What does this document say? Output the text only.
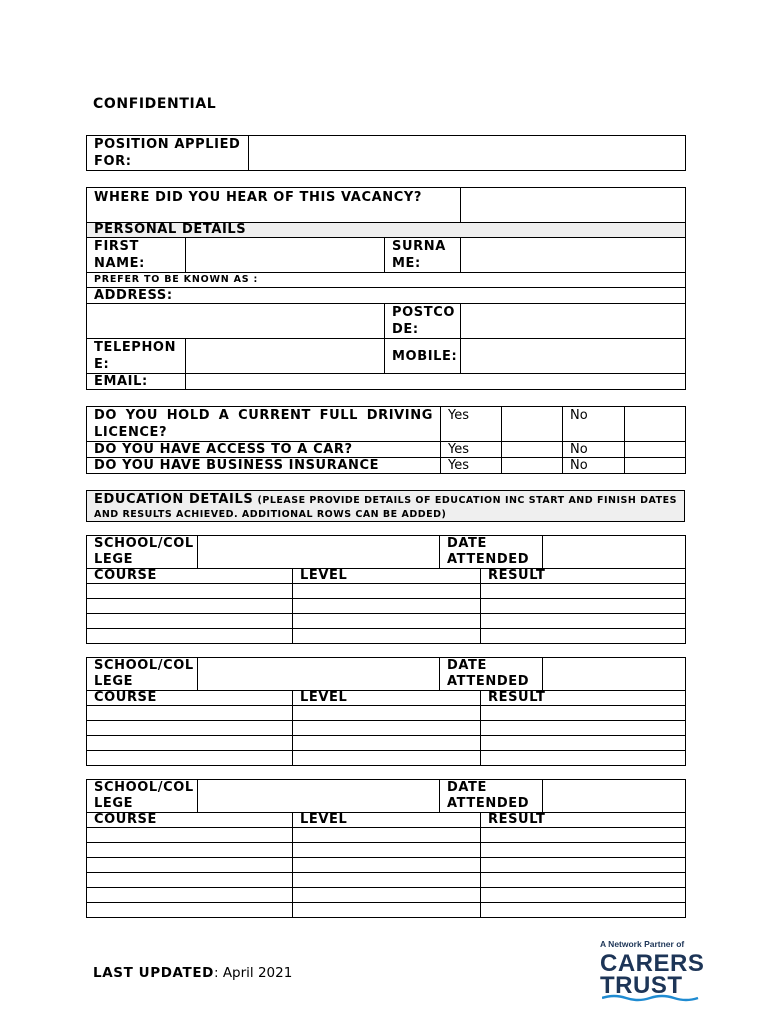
CONFIDENTIAL
POSITION APPLIED FOR:	
WHERE DID YOU HEAR OF THIS VACANCY?			
PERSONAL DETAILS			
FIRST NAME:		SURNA ME:	
PREFER TO BE KNOWN AS :			
ADDRESS:			
		POSTCO DE:	
TELEPHON E:		MOBILE:	
EMAIL:			
DO YOU HOLD A CURRENT FULL DRIVING LICENCE?	Yes		No	
DO YOU HAVE ACCESS TO A CAR?	Yes		No	
DO YOU HAVE BUSINESS INSURANCE	Yes		No	
EDUCATION DETAILS (PLEASE PROVIDE DETAILS OF EDUCATION INC START AND FINISH DATES AND RESULTS ACHIEVED. ADDITIONAL ROWS CAN BE ADDED)
SCHOOL/COL LEGE			DATE ATTENDED		
COURSE		LEVEL		RESULT	

SCHOOL/COL LEGE			DATE ATTENDED		
COURSE		LEVEL		RESULT	

SCHOOL/COL LEGE			DATE ATTENDED		
COURSE		LEVEL		RESULT	

LAST UPDATED: April 2021
A Network Partner of
CARERS
TRUST
